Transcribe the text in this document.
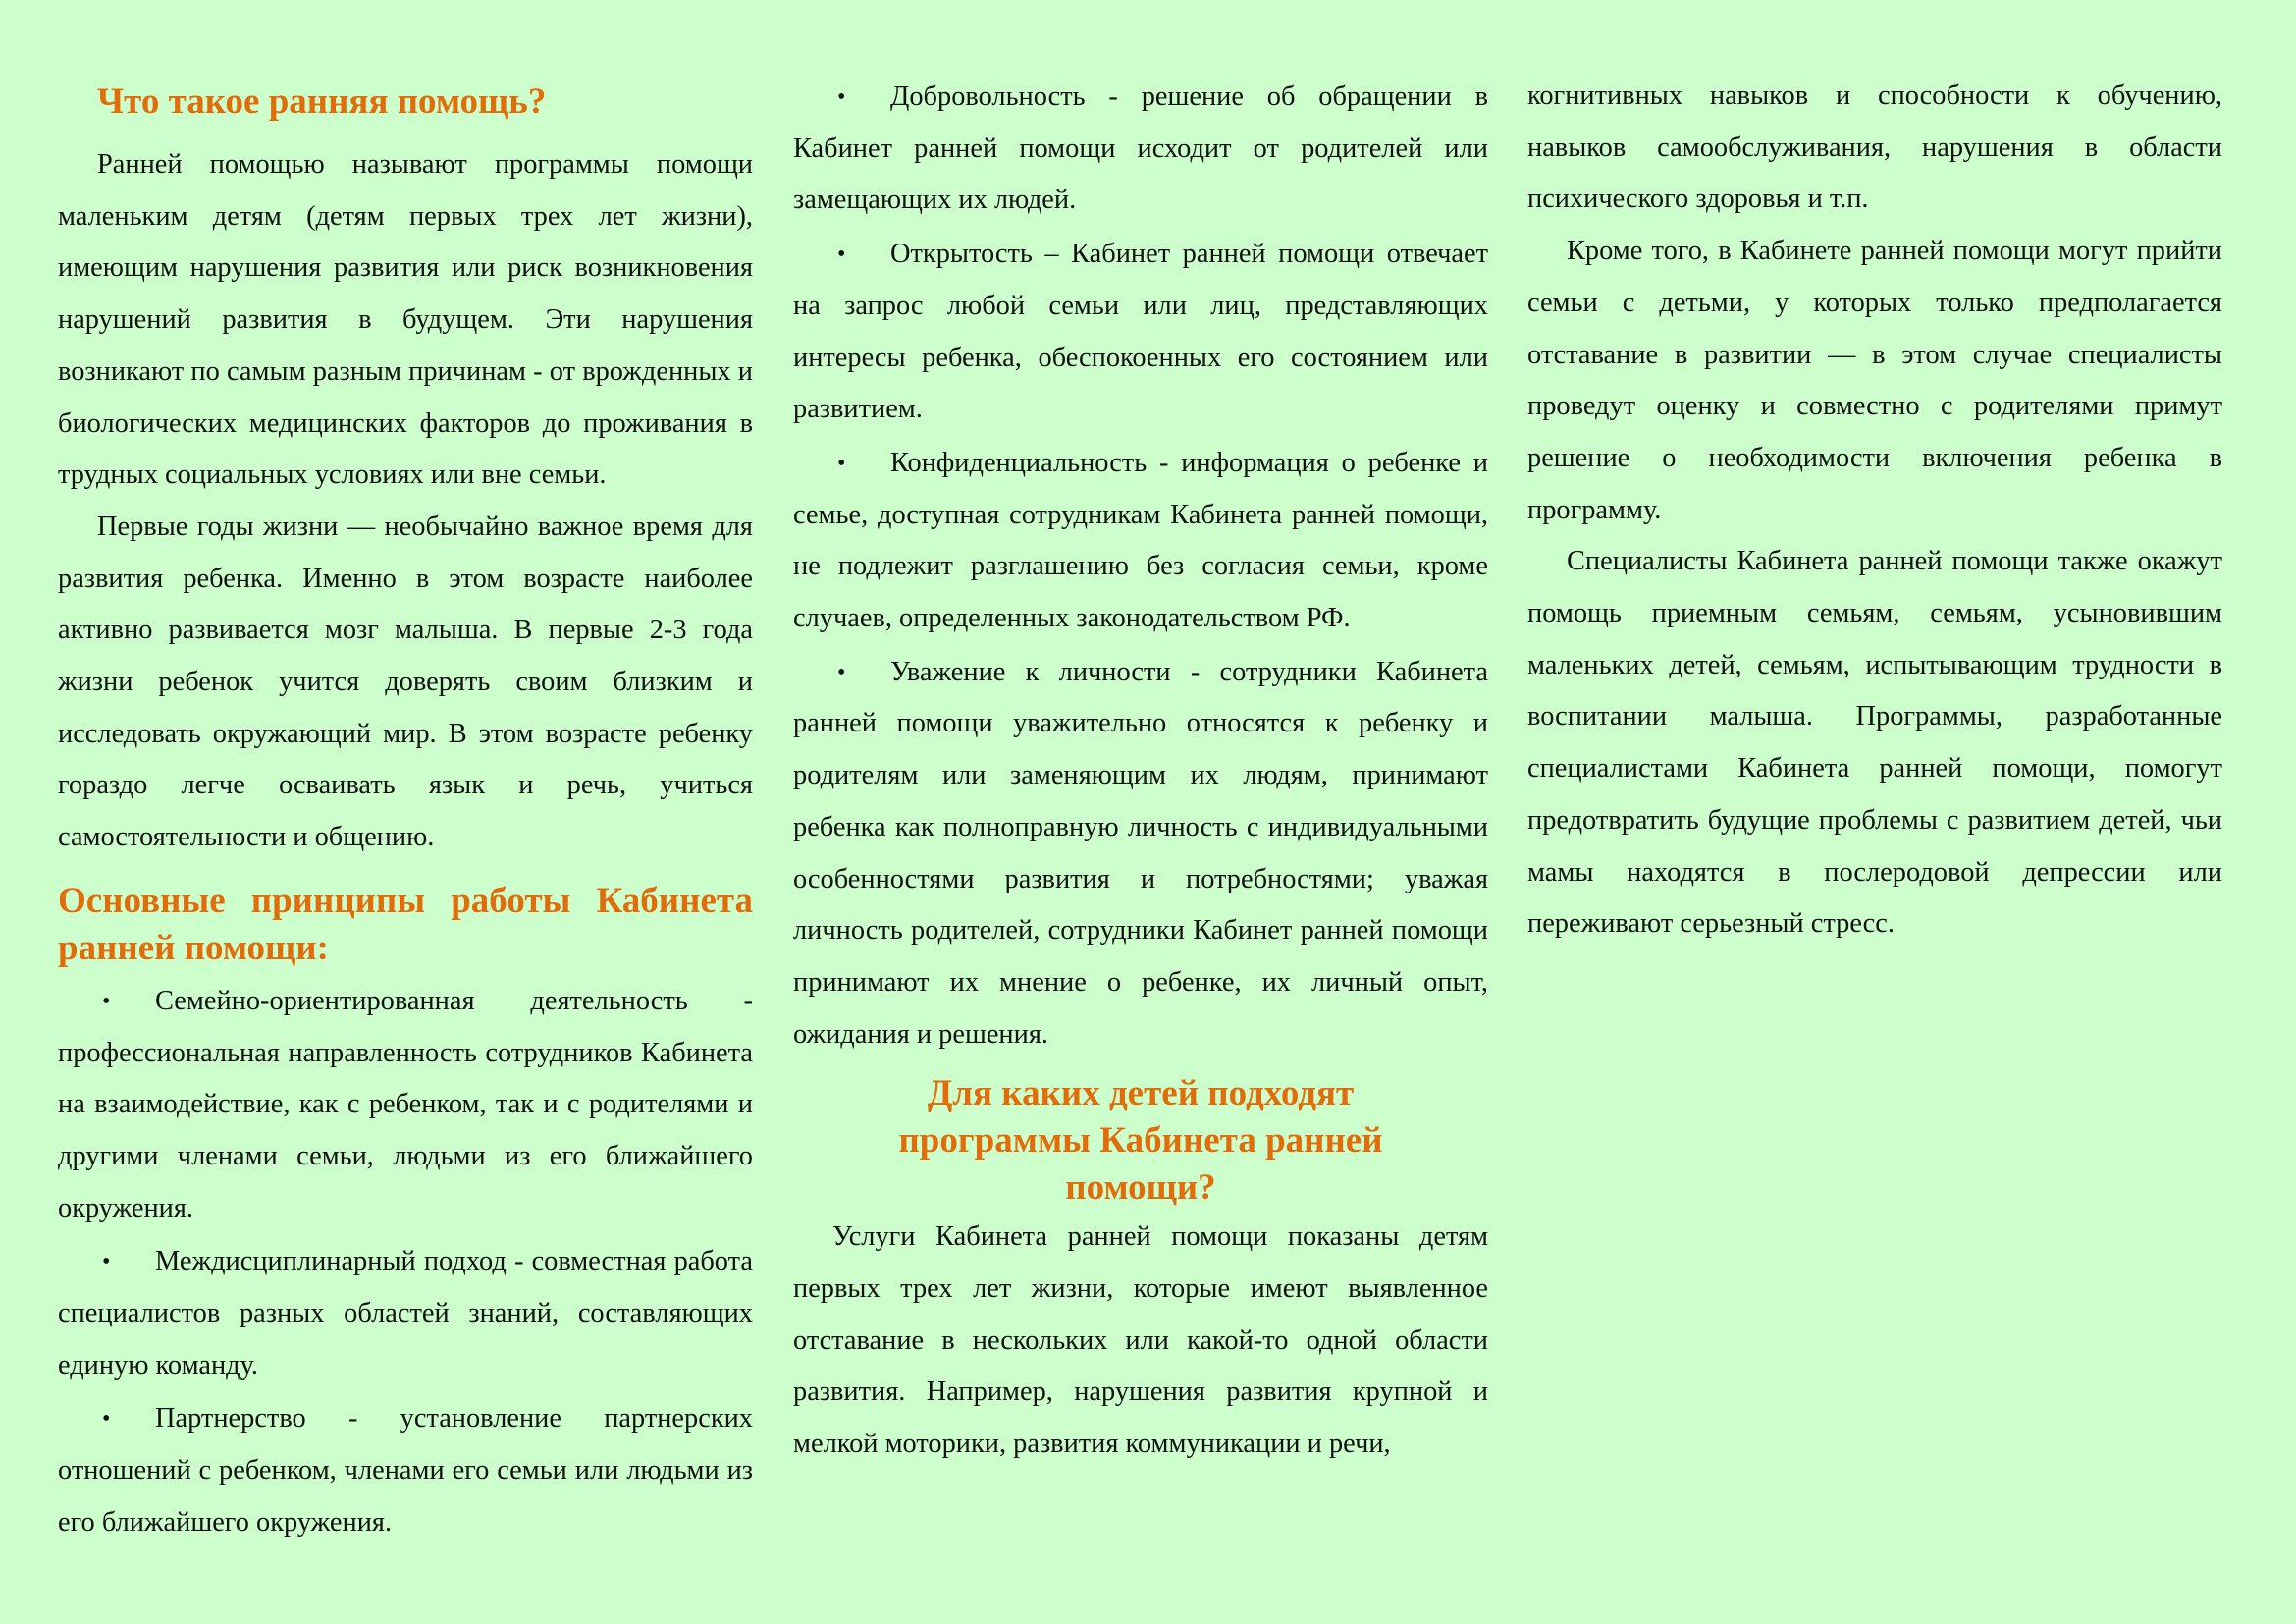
Что такое ранняя помощь?

Ранней помощью называют программы помощи маленьким детям (детям первых трех лет жизни), имеющим нарушения развития или риск возникновения нарушений развития в будущем. Эти нарушения возникают по самым разным причинам - от врожденных и биологических медицинских факторов до проживания в трудных социальных условиях или вне семьи.

Первые годы жизни — необычайно важное время для развития ребенка. Именно в этом возрасте наиболее активно развивается мозг малыша. В первые 2-3 года жизни ребенок учится доверять своим близким и исследовать окружающий мир. В этом возрасте ребенку гораздо легче осваивать язык и речь, учиться самостоятельности и общению.

Основные принципы работы Кабинета ранней помощи:
• Семейно-ориентированная деятельность - профессиональная направленность сотрудников Кабинета на взаимодействие, как с ребенком, так и с родителями и другими членами семьи, людьми из его ближайшего окружения.
• Междисциплинарный подход - совместная работа специалистов разных областей знаний, составляющих единую команду.
• Партнерство - установление партнерских отношений с ребенком, членами его семьи или людьми из его ближайшего окружения.
• Добровольность - решение об обращении в Кабинет ранней помощи исходит от родителей или замещающих их людей.
• Открытость – Кабинет ранней помощи отвечает на запрос любой семьи или лиц, представляющих интересы ребенка, обеспокоенных его состоянием или развитием.
• Конфиденциальность - информация о ребенке и семье, доступная сотрудникам Кабинета ранней помощи, не подлежит разглашению без согласия семьи, кроме случаев, определенных законодательством РФ.
• Уважение к личности - сотрудники Кабинета ранней помощи уважительно относятся к ребенку и родителям или заменяющим их людям, принимают ребенка как полноправную личность с индивидуальными особенностями развития и потребностями; уважая личность родителей, сотрудники Кабинет ранней помощи принимают их мнение о ребенке, их личный опыт, ожидания и решения.
Для каких детей подходят программы Кабинета ранней помощи?

Услуги Кабинета ранней помощи показаны детям первых трех лет жизни, которые имеют выявленное отставание в нескольких или какой-то одной области развития. Например, нарушения развития крупной и мелкой моторики, развития коммуникации и речи,

когнитивных навыков и способности к обучению, навыков самообслуживания, нарушения в области психического здоровья и т.п.

Кроме того, в Кабинете ранней помощи могут прийти семьи с детьми, у которых только предполагается отставание в развитии — в этом случае специалисты проведут оценку и совместно с родителями примут решение о необходимости включения ребенка в программу.

Специалисты Кабинета ранней помощи также окажут помощь приемным семьям, семьям, усыновившим маленьких детей, семьям, испытывающим трудности в воспитании малыша. Программы, разработанные специалистами Кабинета ранней помощи, помогут предотвратить будущие проблемы с развитием детей, чьи мамы находятся в послеродовой депрессии или переживают серьезный стресс.
